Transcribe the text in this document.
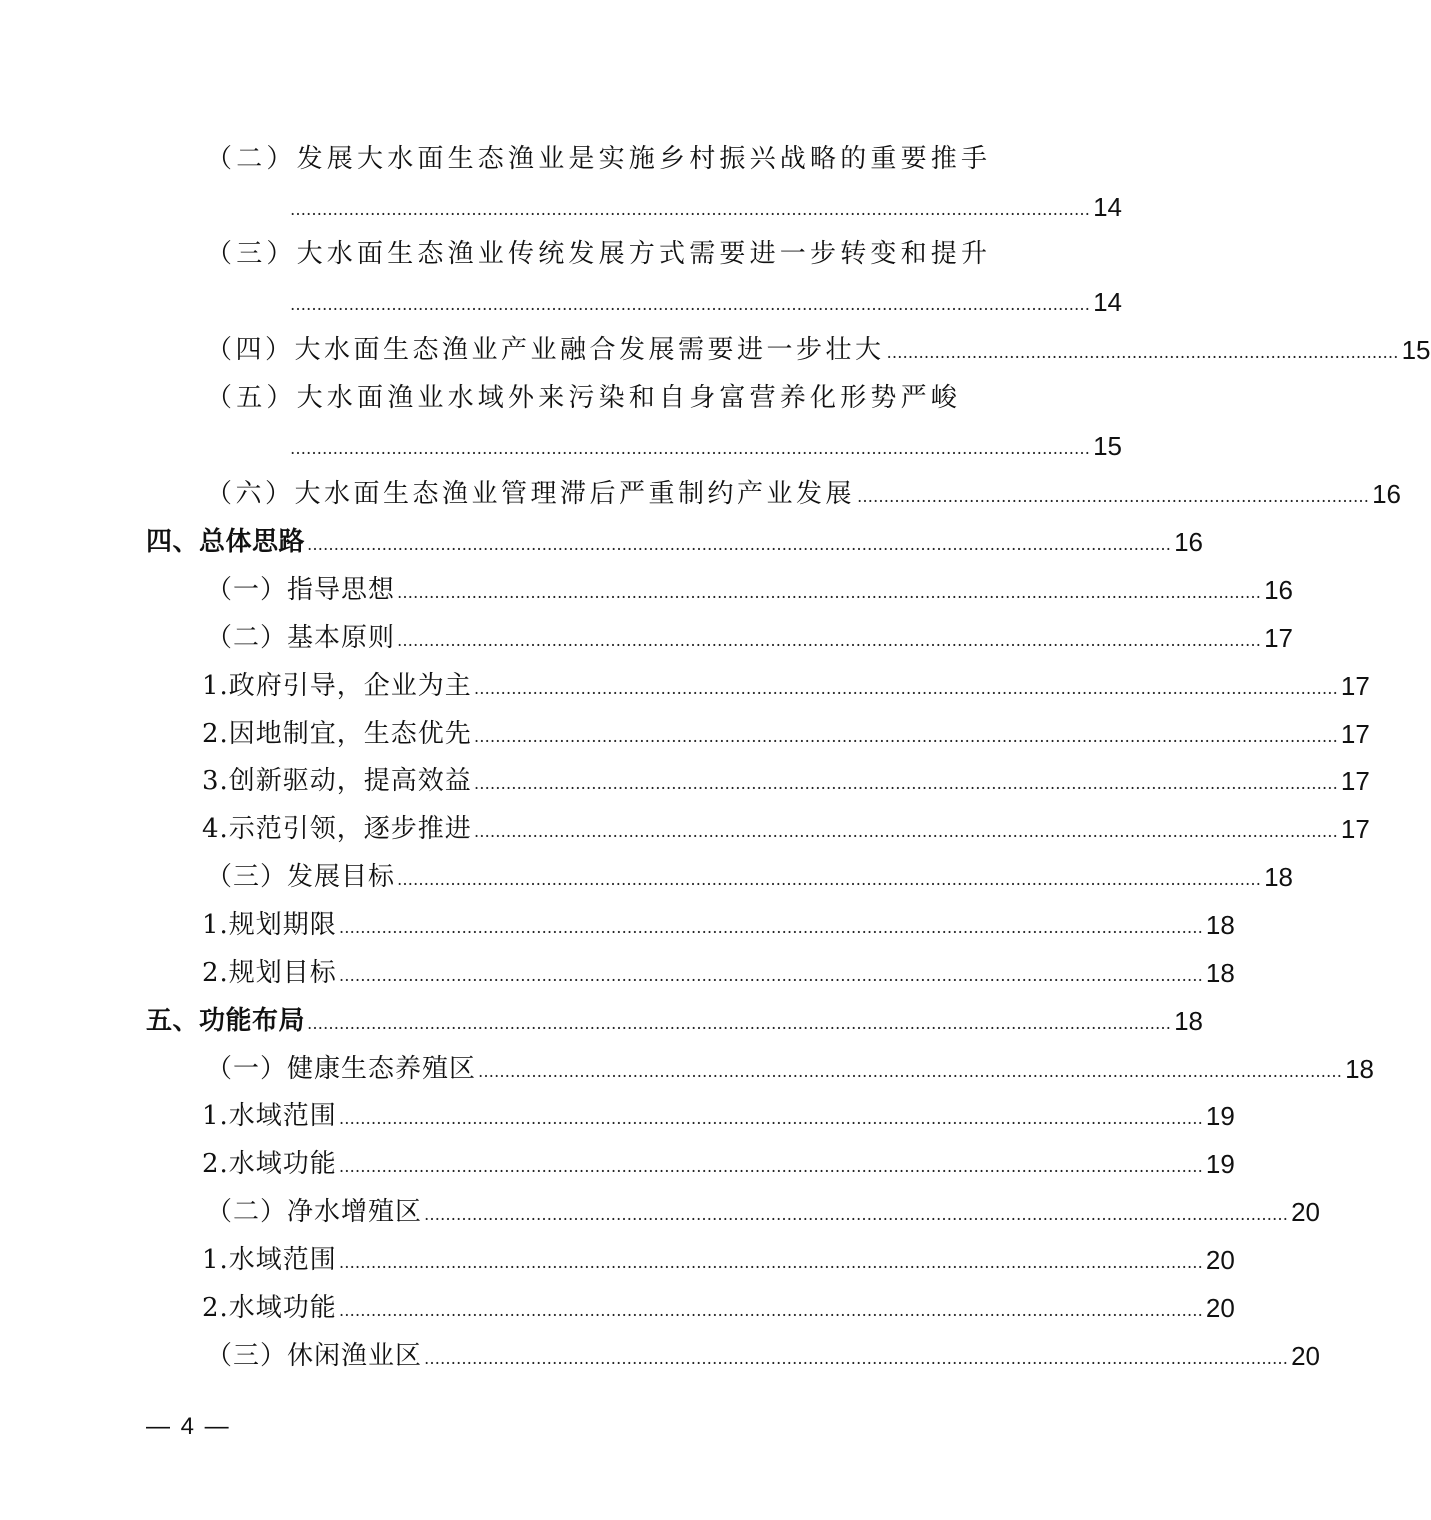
（二）发展大水面生态渔业是实施乡村振兴战略的重要推手
…………………………………………………………………………………………………………………………………… 14
（三）大水面生态渔业传统发展方式需要进一步转变和提升
…………………………………………………………………………………………………………………………………… 14
（四）大水面生态渔业产业融合发展需要进一步壮大 …………………………………………………………………………………… 15
（五）大水面渔业水域外来污染和自身富营养化形势严峻
…………………………………………………………………………………………………………………………………… 15
（六）大水面生态渔业管理滞后严重制约产业发展 …………………………………………………………………………………… 16
四、总体思路 ……………………………………………………………………………………………………………………………………………… 16
（一）指导思想 ……………………………………………………………………………………………………………………………………………… 16
（二）基本原则 ……………………………………………………………………………………………………………………………………………… 17
1.政府引导，企业为主 ……………………………………………………………………………………………………………………………………………… 17
2.因地制宜，生态优先 ……………………………………………………………………………………………………………………………………………… 17
3.创新驱动，提高效益 ……………………………………………………………………………………………………………………………………………… 17
4.示范引领，逐步推进 ……………………………………………………………………………………………………………………………………………… 17
（三）发展目标 ……………………………………………………………………………………………………………………………………………… 18
1.规划期限 ……………………………………………………………………………………………………………………………………………… 18
2.规划目标 ……………………………………………………………………………………………………………………………………………… 18
五、功能布局 ……………………………………………………………………………………………………………………………………………… 18
（一）健康生态养殖区 ……………………………………………………………………………………………………………………………………………… 18
1.水域范围 ……………………………………………………………………………………………………………………………………………… 19
2.水域功能 ……………………………………………………………………………………………………………………………………………… 19
（二）净水增殖区 ……………………………………………………………………………………………………………………………………………… 20
1.水域范围 ……………………………………………………………………………………………………………………………………………… 20
2.水域功能 ……………………………………………………………………………………………………………………………………………… 20
（三）休闲渔业区 ……………………………………………………………………………………………………………………………………………… 20
— 4 —
